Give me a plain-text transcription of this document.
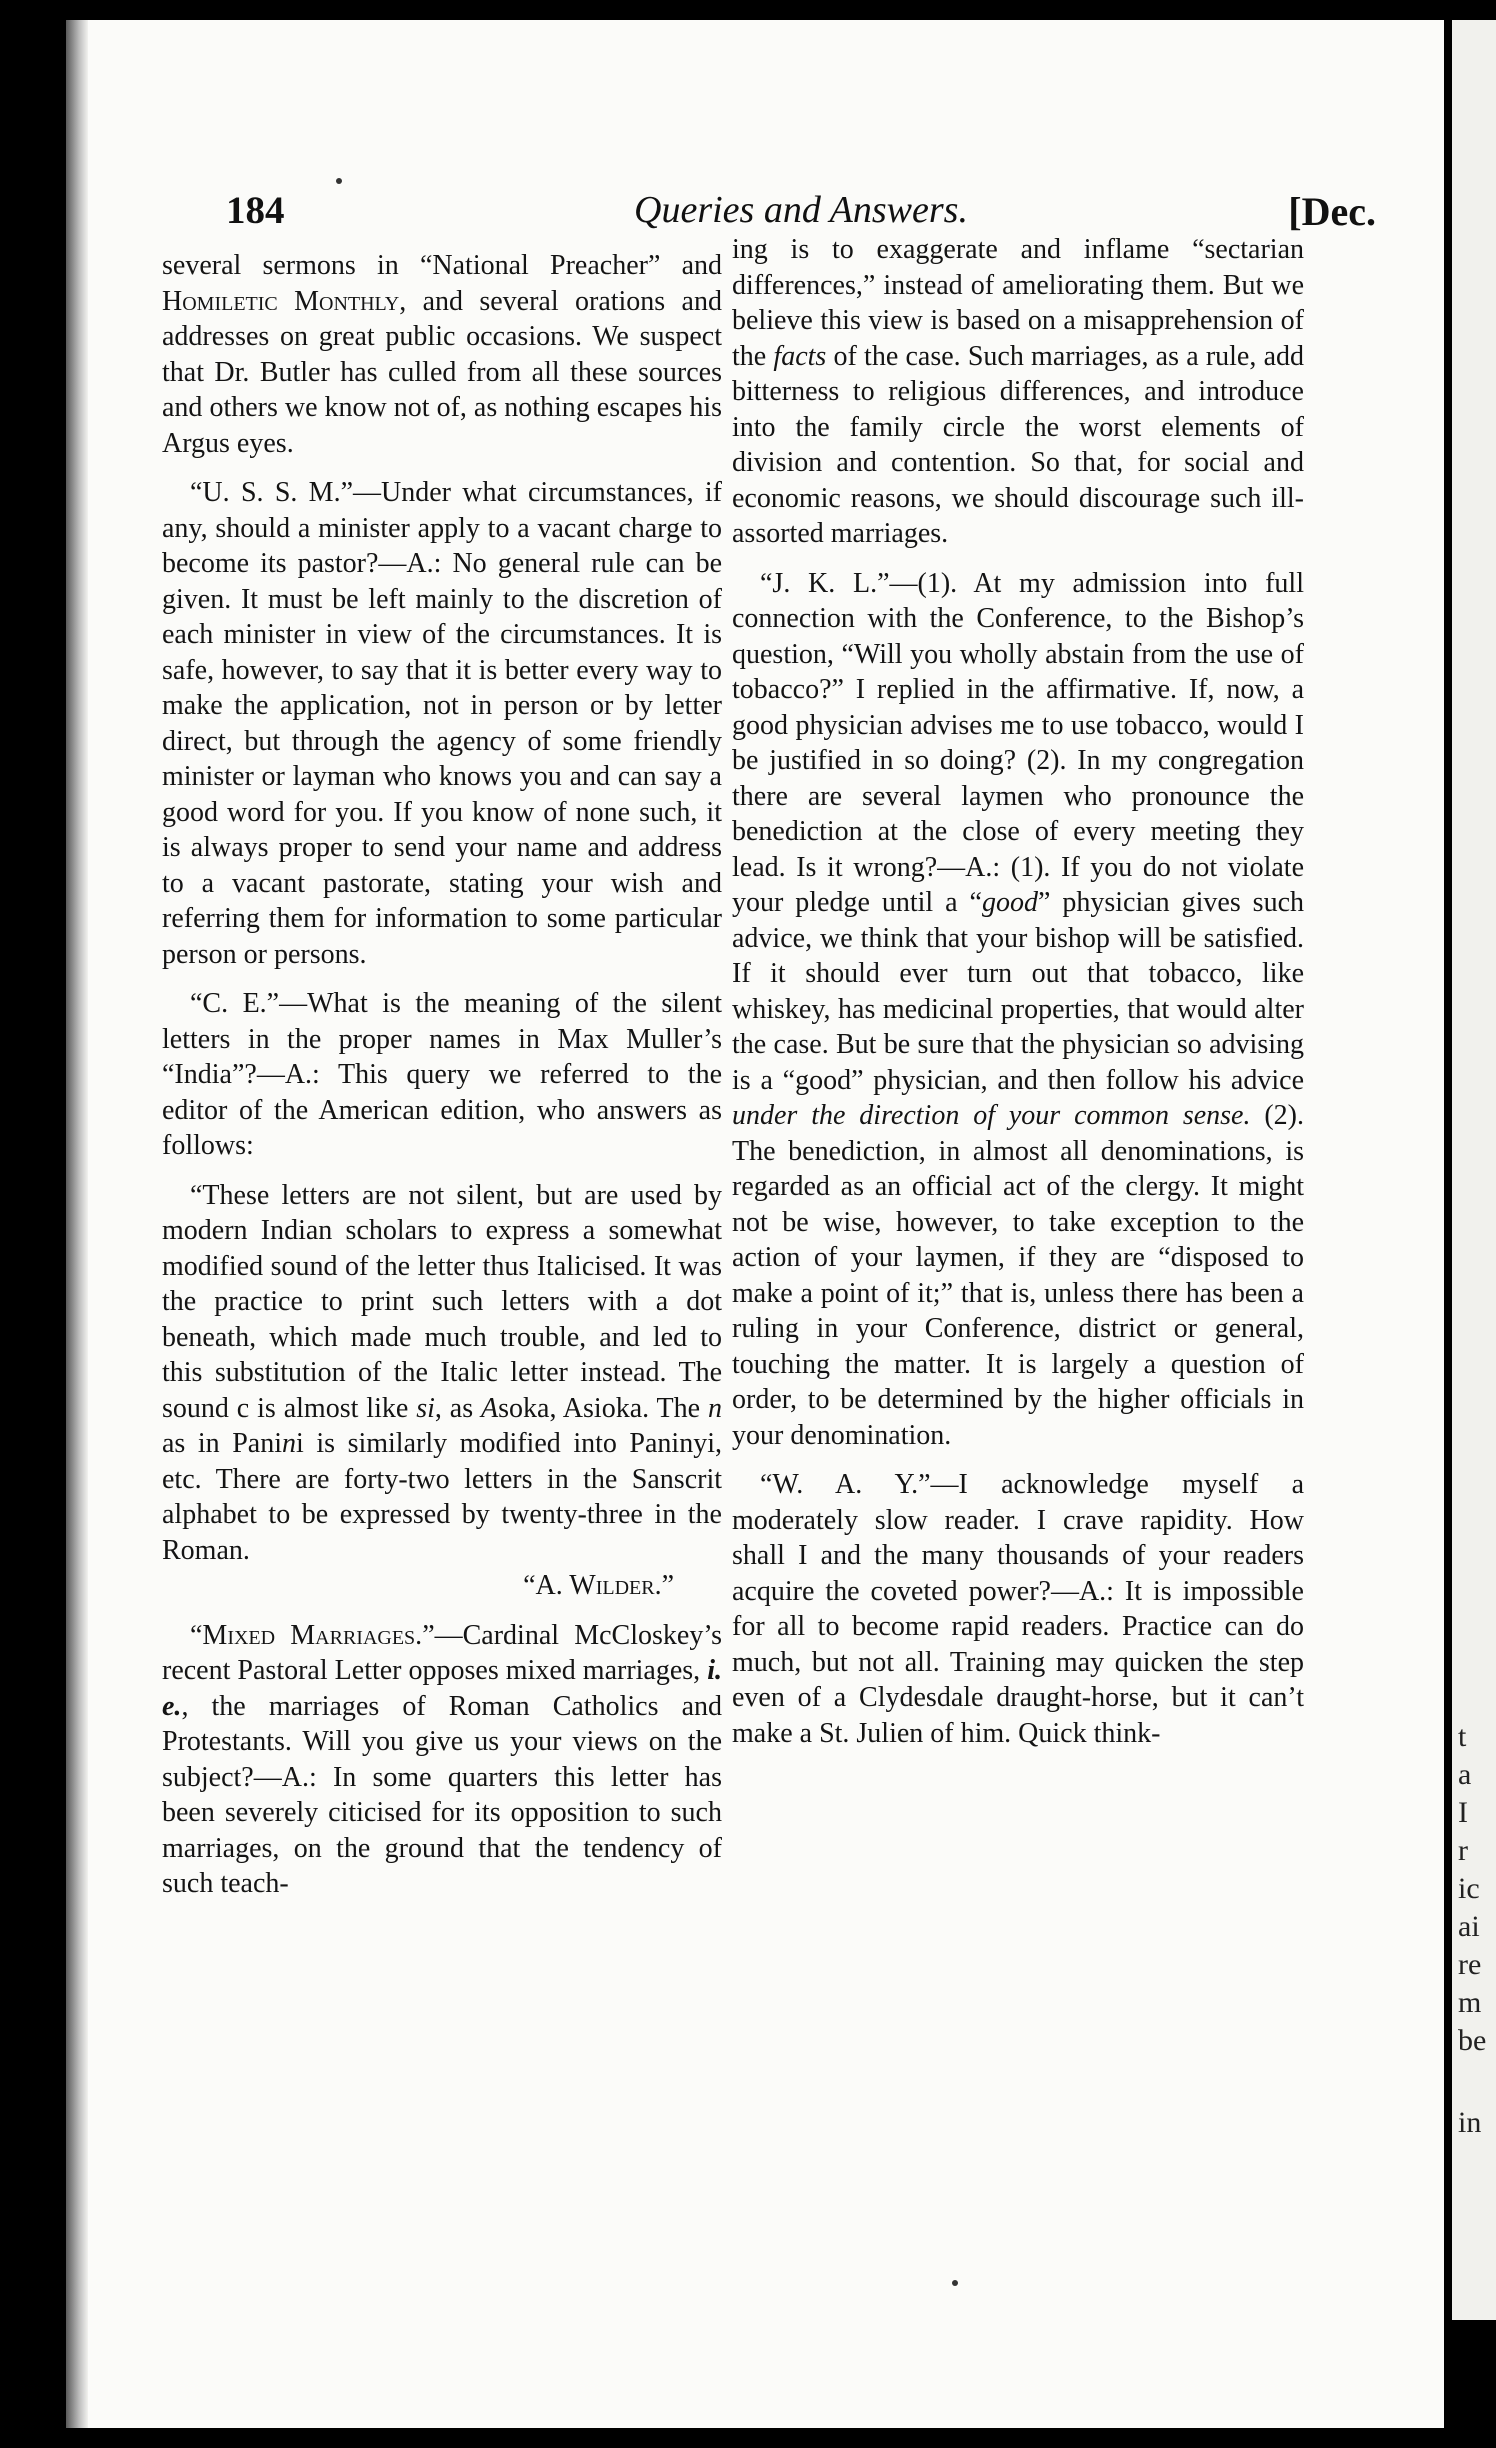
184	Queries and Answers.	[Dec.

several sermons in “National Preacher” and Homiletic Monthly, and several orations and addresses on great public occasions. We suspect that Dr. Butler has culled from all these sources and others we know not of, as nothing escapes his Argus eyes.

“U. S. S. M.”—Under what circumstances, if any, should a minister apply to a vacant charge to become its pastor?—A.: No general rule can be given. It must be left mainly to the discretion of each minister in view of the circumstances. It is safe, however, to say that it is better every way to make the application, not in person or by letter direct, but through the agency of some friendly minister or layman who knows you and can say a good word for you. If you know of none such, it is always proper to send your name and address to a vacant pastorate, stating your wish and referring them for information to some particular person or persons.

“C. E.”—What is the meaning of the silent letters in the proper names in Max Muller’s “India”?—A.: This query we referred to the editor of the American edition, who answers as follows:

“These letters are not silent, but are used by modern Indian scholars to express a somewhat modified sound of the letter thus Italicised. It was the practice to print such letters with a dot beneath, which made much trouble, and led to this substitution of the Italic letter instead. The sound c is almost like si, as Asoka, Asioka. The n as in Panini is similarly modified into Paninyi, etc. There are forty-two letters in the Sanscrit alphabet to be expressed by twenty-three in the Roman.

“A. Wilder.”

“Mixed Marriages.”—Cardinal McCloskey’s recent Pastoral Letter opposes mixed marriages, i. e., the marriages of Roman Catholics and Protestants. Will you give us your views on the subject?—A.: In some quarters this letter has been severely citicised for its opposition to such marriages, on the ground that the tendency of such teach-

ing is to exaggerate and inflame “sectarian differences,” instead of ameliorating them. But we believe this view is based on a misapprehension of the facts of the case. Such marriages, as a rule, add bitterness to religious differences, and introduce into the family circle the worst elements of division and contention. So that, for social and economic reasons, we should discourage such ill-assorted marriages.

“J. K. L.”—(1). At my admission into full connection with the Conference, to the Bishop’s question, “Will you wholly abstain from the use of tobacco?” I replied in the affirmative. If, now, a good physician advises me to use tobacco, would I be justified in so doing? (2). In my congregation there are several laymen who pronounce the benediction at the close of every meeting they lead. Is it wrong?—A.: (1). If you do not violate your pledge until a “good” physician gives such advice, we think that your bishop will be satisfied. If it should ever turn out that tobacco, like whiskey, has medicinal properties, that would alter the case. But be sure that the physician so advising is a “good” physician, and then follow his advice under the direction of your common sense. (2). The benediction, in almost all denominations, is regarded as an official act of the clergy. It might not be wise, however, to take exception to the action of your laymen, if they are “disposed to make a point of it;” that is, unless there has been a ruling in your Conference, district or general, touching the matter. It is largely a question of order, to be determined by the higher officials in your denomination.

“W. A. Y.”—I acknowledge myself a moderately slow reader. I crave rapidity. How shall I and the many thousands of your readers acquire the coveted power?—A.: It is impossible for all to become rapid readers. Practice can do much, but not all. Training may quicken the step even of a Clydesdale draught-horse, but it can’t make a St. Julien of him. Quick think-	t
a
I
r
ic
ai
re
m
be
in
